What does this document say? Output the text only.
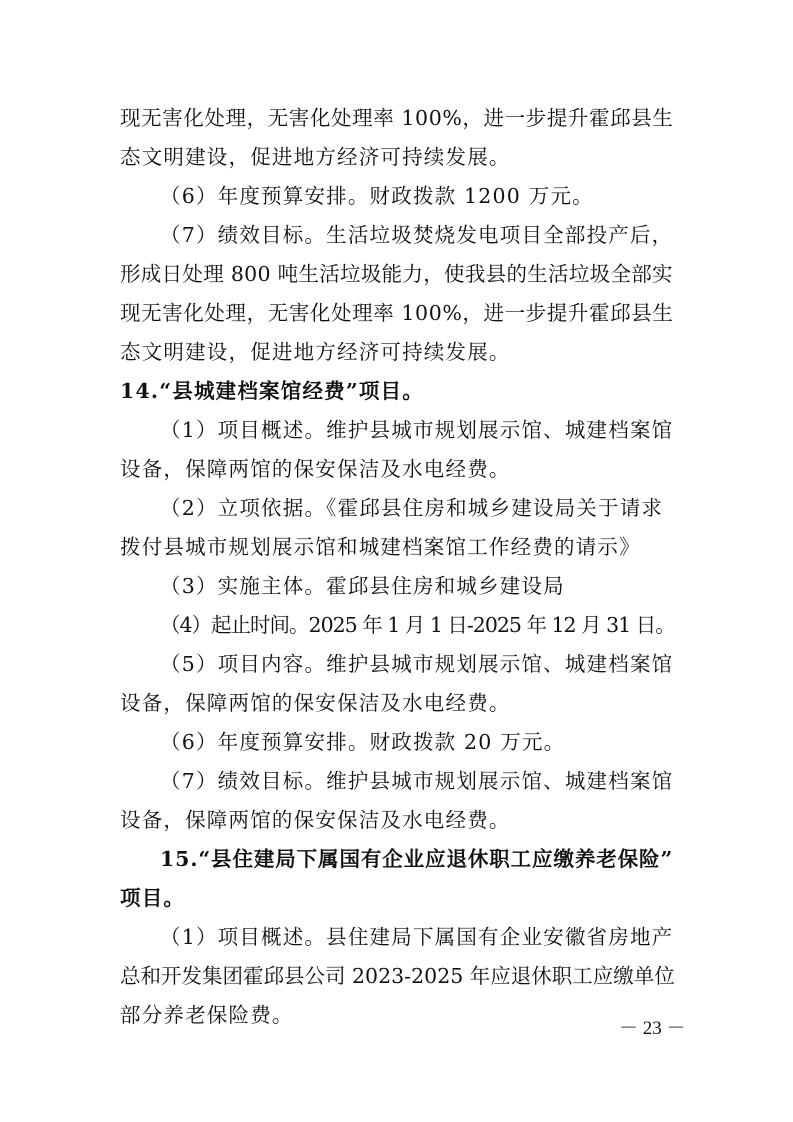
现无害化处理，无害化处理率 100%，进一步提升霍邱县生
态文明建设，促进地方经济可持续发展。
（6）年度预算安排。财政拨款 1200 万元。
（7）绩效目标。生活垃圾焚烧发电项目全部投产后，
形成日处理 800 吨生活垃圾能力，使我县的生活垃圾全部实
现无害化处理，无害化处理率 100%，进一步提升霍邱县生
态文明建设，促进地方经济可持续发展。
14.“县城建档案馆经费”项目。
（1）项目概述。维护县城市规划展示馆、城建档案馆
设备，保障两馆的保安保洁及水电经费。
（2）立项依据。《霍邱县住房和城乡建设局关于请求
拨付县城市规划展示馆和城建档案馆工作经费的请示》
（3）实施主体。霍邱县住房和城乡建设局
（4）起止时间。2025 年 1 月 1 日-2025 年 12 月 31 日。
（5）项目内容。维护县城市规划展示馆、城建档案馆
设备，保障两馆的保安保洁及水电经费。
（6）年度预算安排。财政拨款 20 万元。
（7）绩效目标。维护县城市规划展示馆、城建档案馆
设备，保障两馆的保安保洁及水电经费。
15.“县住建局下属国有企业应退休职工应缴养老保险”
项目。
（1）项目概述。县住建局下属国有企业安徽省房地产
总和开发集团霍邱县公司 2023-2025 年应退休职工应缴单位
部分养老保险费。
－ 23 －
